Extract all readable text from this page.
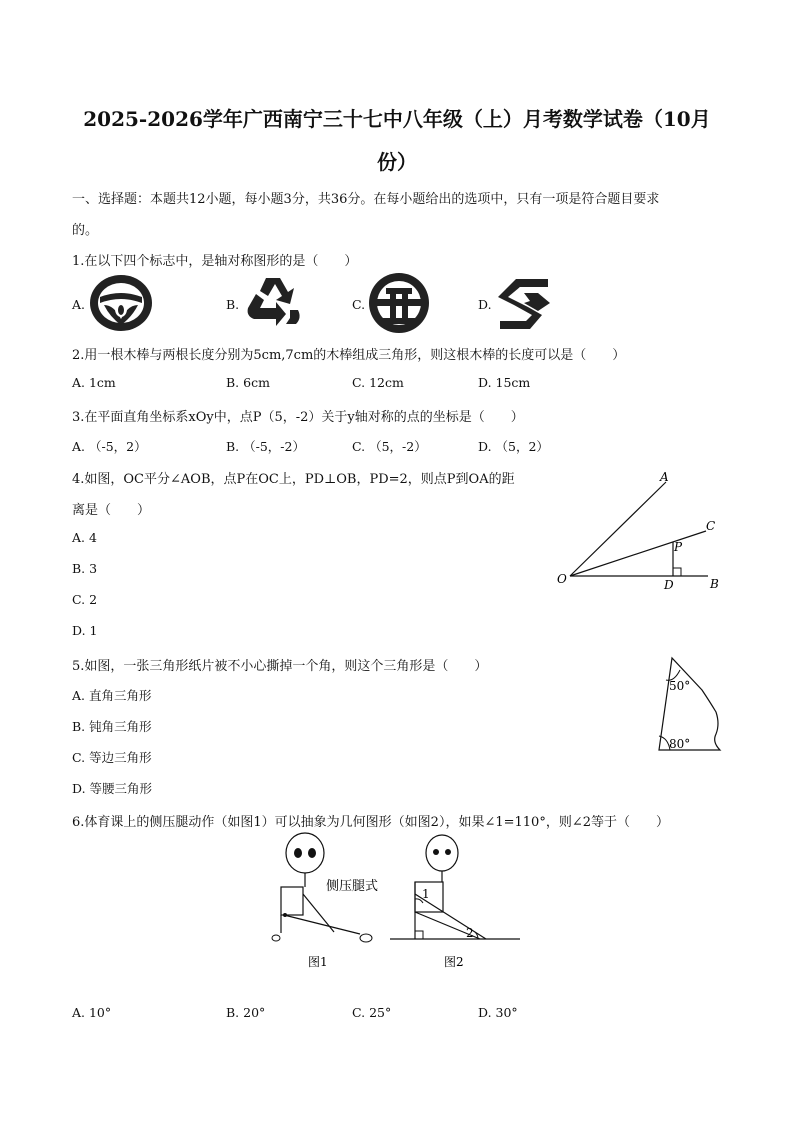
2025-2026学年广西南宁三十七中八年级（上）月考数学试卷（10月
份）
一、选择题：本题共12小题，每小题3分，共36分。在每小题给出的选项中，只有一项是符合题目要求
的。
1.在以下四个标志中，是轴对称图形的是（　　）
A.	B.	C.	D.
2.用一根木棒与两根长度分别为5cm,7cm的木棒组成三角形，则这根木棒的长度可以是（　　）
A. 1cm	B. 6cm	C. 12cm	D. 15cm
3.在平面直角坐标系xOy中，点P（5，-2）关于y轴对称的点的坐标是（　　）
A. （-5，2）	B. （-5，-2）	C. （5，-2）	D. （5，2）
4.如图，OC平分∠AOB，点P在OC上，PD⊥OB，PD=2，则点P到OA的距
离是（　　）
A. 4
B. 3
C. 2
D. 1
A
C
P
O	D	B
5.如图，一张三角形纸片被不小心撕掉一个角，则这个三角形是（　　）
A. 直角三角形
B. 钝角三角形
C. 等边三角形
D. 等腰三角形
50°
80°
6.体育课上的侧压腿动作（如图1）可以抽象为几何图形（如图2），如果∠1=110°，则∠2等于（　　）
侧压腿式
图1
1
2
图2
A. 10°	B. 20°	C. 25°	D. 30°
